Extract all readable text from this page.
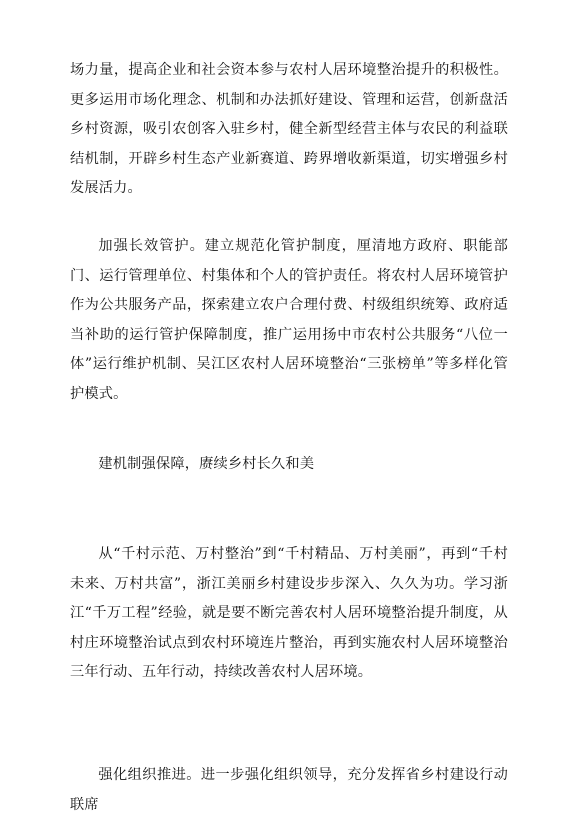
场力量，提高企业和社会资本参与农村人居环境整治提升的积极性。更多运用市场化理念、机制和办法抓好建设、管理和运营，创新盘活乡村资源，吸引农创客入驻乡村，健全新型经营主体与农民的利益联结机制，开辟乡村生态产业新赛道、跨界增收新渠道，切实增强乡村发展活力。

加强长效管护。建立规范化管护制度，厘清地方政府、职能部门、运行管理单位、村集体和个人的管护责任。将农村人居环境管护作为公共服务产品，探索建立农户合理付费、村级组织统筹、政府适当补助的运行管护保障制度，推广运用扬中市农村公共服务“八位一体”运行维护机制、吴江区农村人居环境整治“三张榜单”等多样化管护模式。

建机制强保障，赓续乡村长久和美

从“千村示范、万村整治”到“千村精品、万村美丽”，再到“千村未来、万村共富”，浙江美丽乡村建设步步深入、久久为功。学习浙江“千万工程”经验，就是要不断完善农村人居环境整治提升制度，从村庄环境整治试点到农村环境连片整治，再到实施农村人居环境整治三年行动、五年行动，持续改善农村人居环境。

强化组织推进。进一步强化组织领导，充分发挥省乡村建设行动联席
